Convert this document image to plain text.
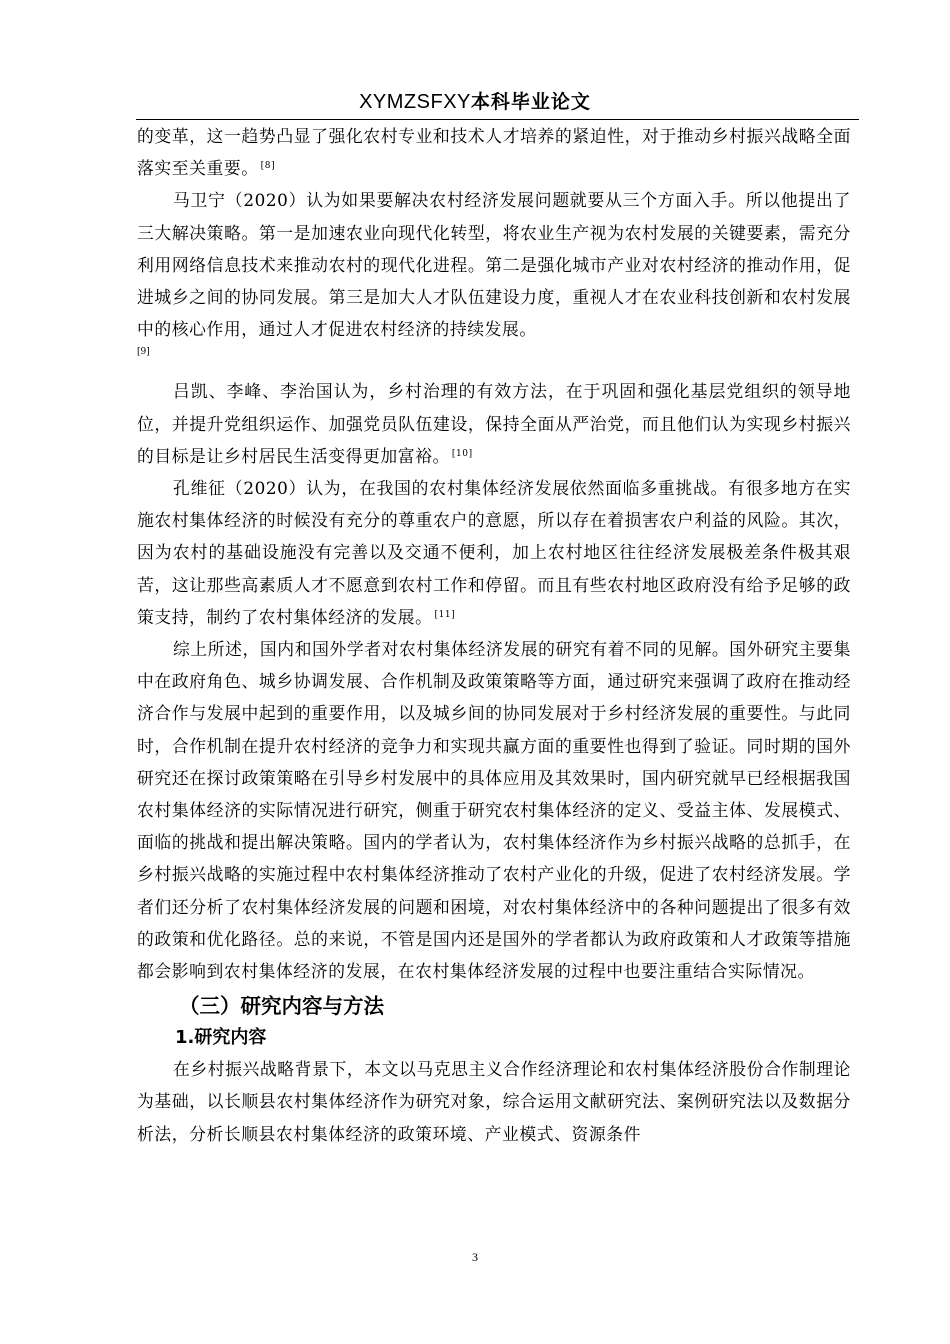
XYMZSFXY本科毕业论文

的变革，这一趋势凸显了强化农村专业和技术人才培养的紧迫性，对于推动乡村振兴战略全面落实至关重要。 [8]

马卫宁（2020）认为如果要解决农村经济发展问题就要从三个方面入手。所以他提出了三大解决策略。第一是加速农业向现代化转型，将农业生产视为农村发展的关键要素，需充分利用网络信息技术来推动农村的现代化进程。第二是强化城市产业对农村经济的推动作用，促进城乡之间的协同发展。第三是加大人才队伍建设力度，重视人才在农业科技创新和农村发展中的核心作用，通过人才促进农村经济的持续发展。

[9]

吕凯、李峰、李治国认为，乡村治理的有效方法，在于巩固和强化基层党组织的领导地位，并提升党组织运作、加强党员队伍建设，保持全面从严治党，而且他们认为实现乡村振兴的目标是让乡村居民生活变得更加富裕。 [10]

孔维征（2020）认为，在我国的农村集体经济发展依然面临多重挑战。有很多地方在实施农村集体经济的时候没有充分的尊重农户的意愿，所以存在着损害农户利益的风险。其次，因为农村的基础设施没有完善以及交通不便利，加上农村地区往往经济发展极差条件极其艰苦，这让那些高素质人才不愿意到农村工作和停留。而且有些农村地区政府没有给予足够的政策支持，制约了农村集体经济的发展。 [11]

综上所述，国内和国外学者对农村集体经济发展的研究有着不同的见解。国外研究主要集中在政府角色、城乡协调发展、合作机制及政策策略等方面，通过研究来强调了政府在推动经济合作与发展中起到的重要作用，以及城乡间的协同发展对于乡村经济发展的重要性。与此同时，合作机制在提升农村经济的竞争力和实现共赢方面的重要性也得到了验证。同时期的国外研究还在探讨政策策略在引导乡村发展中的具体应用及其效果时，国内研究就早已经根据我国农村集体经济的实际情况进行研究，侧重于研究农村集体经济的定义、受益主体、发展模式、面临的挑战和提出解决策略。国内的学者认为，农村集体经济作为乡村振兴战略的总抓手，在乡村振兴战略的实施过程中农村集体经济推动了农村产业化的升级，促进了农村经济发展。学者们还分析了农村集体经济发展的问题和困境，对农村集体经济中的各种问题提出了很多有效的政策和优化路径。总的来说，不管是国内还是国外的学者都认为政府政策和人才政策等措施都会影响到农村集体经济的发展，在农村集体经济发展的过程中也要注重结合实际情况。

（三）研究内容与方法
1.研究内容

在乡村振兴战略背景下，本文以马克思主义合作经济理论和农村集体经济股份合作制理论为基础，以长顺县农村集体经济作为研究对象，综合运用文献研究法、案例研究法以及数据分析法，分析长顺县农村集体经济的政策环境、产业模式、资源条件

3
